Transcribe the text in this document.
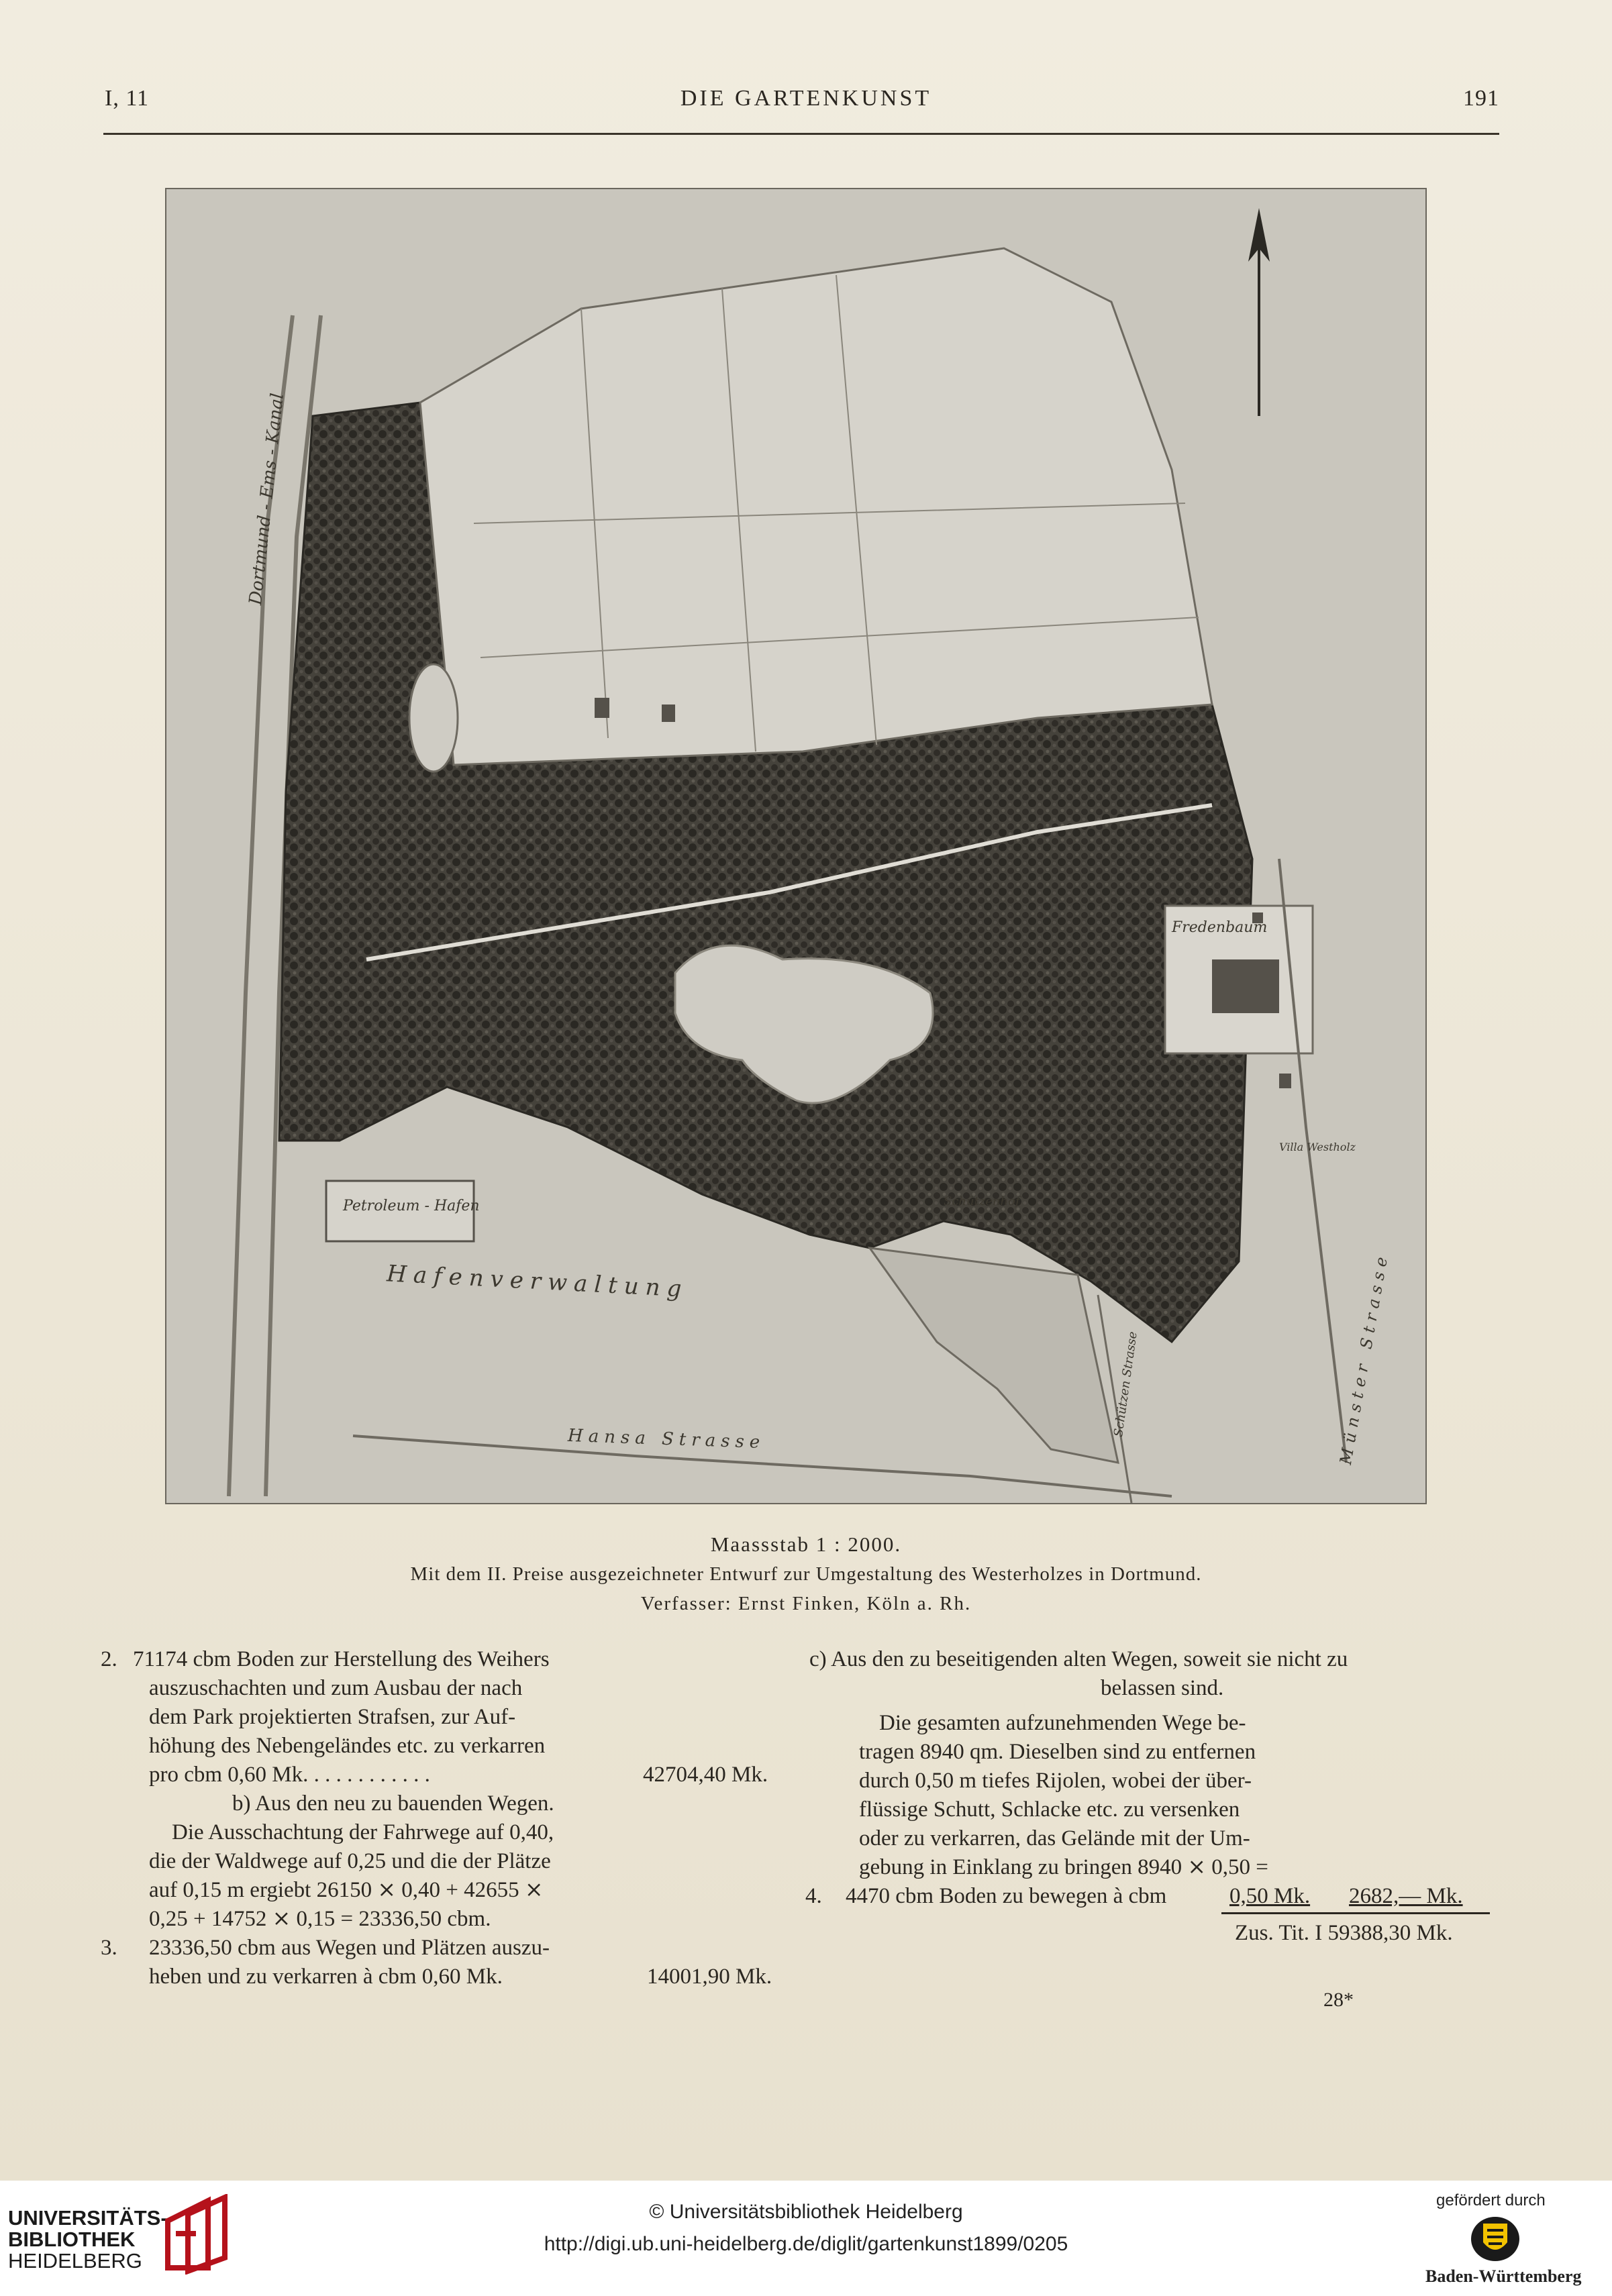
I, 11	DIE GARTENKUNST	191
Dortmund - Ems - Kanal
Hafenverwaltung
Hansa Strasse
Petroleum - Hafen
Fredenbaum
Münster Strasse
Schützenhof
Schützen Strasse
Villa Westholz
Maassstab 1 : 2000.
Mit dem II. Preise ausgezeichneter Entwurf zur Umgestaltung des Westerholzes in Dortmund.
Verfasser: Ernst Finken, Köln a. Rh.
2. 71174 cbm Boden zur Herstellung des Weihers
auszuschachten und zum Ausbau der nach
dem Park projektierten Strafsen, zur Auf-
höhung des Nebengeländes etc. zu verkarren
pro cbm 0,60 Mk. . . . . . . . . . . .	42704,40 Mk.
b) Aus den neu zu bauenden Wegen.
Die Ausschachtung der Fahrwege auf 0,40,
die der Waldwege auf 0,25 und die der Plätze
auf 0,15 m ergiebt 26150 ⨯ 0,40 + 42655 ⨯
0,25 + 14752 ⨯ 0,15 = 23336,50 cbm.
3. 23336,50 cbm aus Wegen und Plätzen auszu-
heben und zu verkarren à cbm 0,60 Mk.	14001,90 Mk.
c) Aus den zu beseitigenden alten Wegen, soweit sie nicht zu
belassen sind.
Die gesamten aufzunehmenden Wege be-
tragen 8940 qm. Dieselben sind zu entfernen
durch 0,50 m tiefes Rijolen, wobei der über-
flüssige Schutt, Schlacke etc. zu versenken
oder zu verkarren, das Gelände mit der Um-
gebung in Einklang zu bringen 8940 ⨯ 0,50 =
4. 4470 cbm Boden zu bewegen à cbm	0,50 Mk. 2682,— Mk.
Zus. Tit. I 59388,30 Mk.
28*
UNIVERSITÄTS-
BIBLIOTHEK
HEIDELBERG
© Universitätsbibliothek Heidelberg
http://digi.ub.uni-heidelberg.de/diglit/gartenkunst1899/0205
gefördert durch
Baden-Württemberg
